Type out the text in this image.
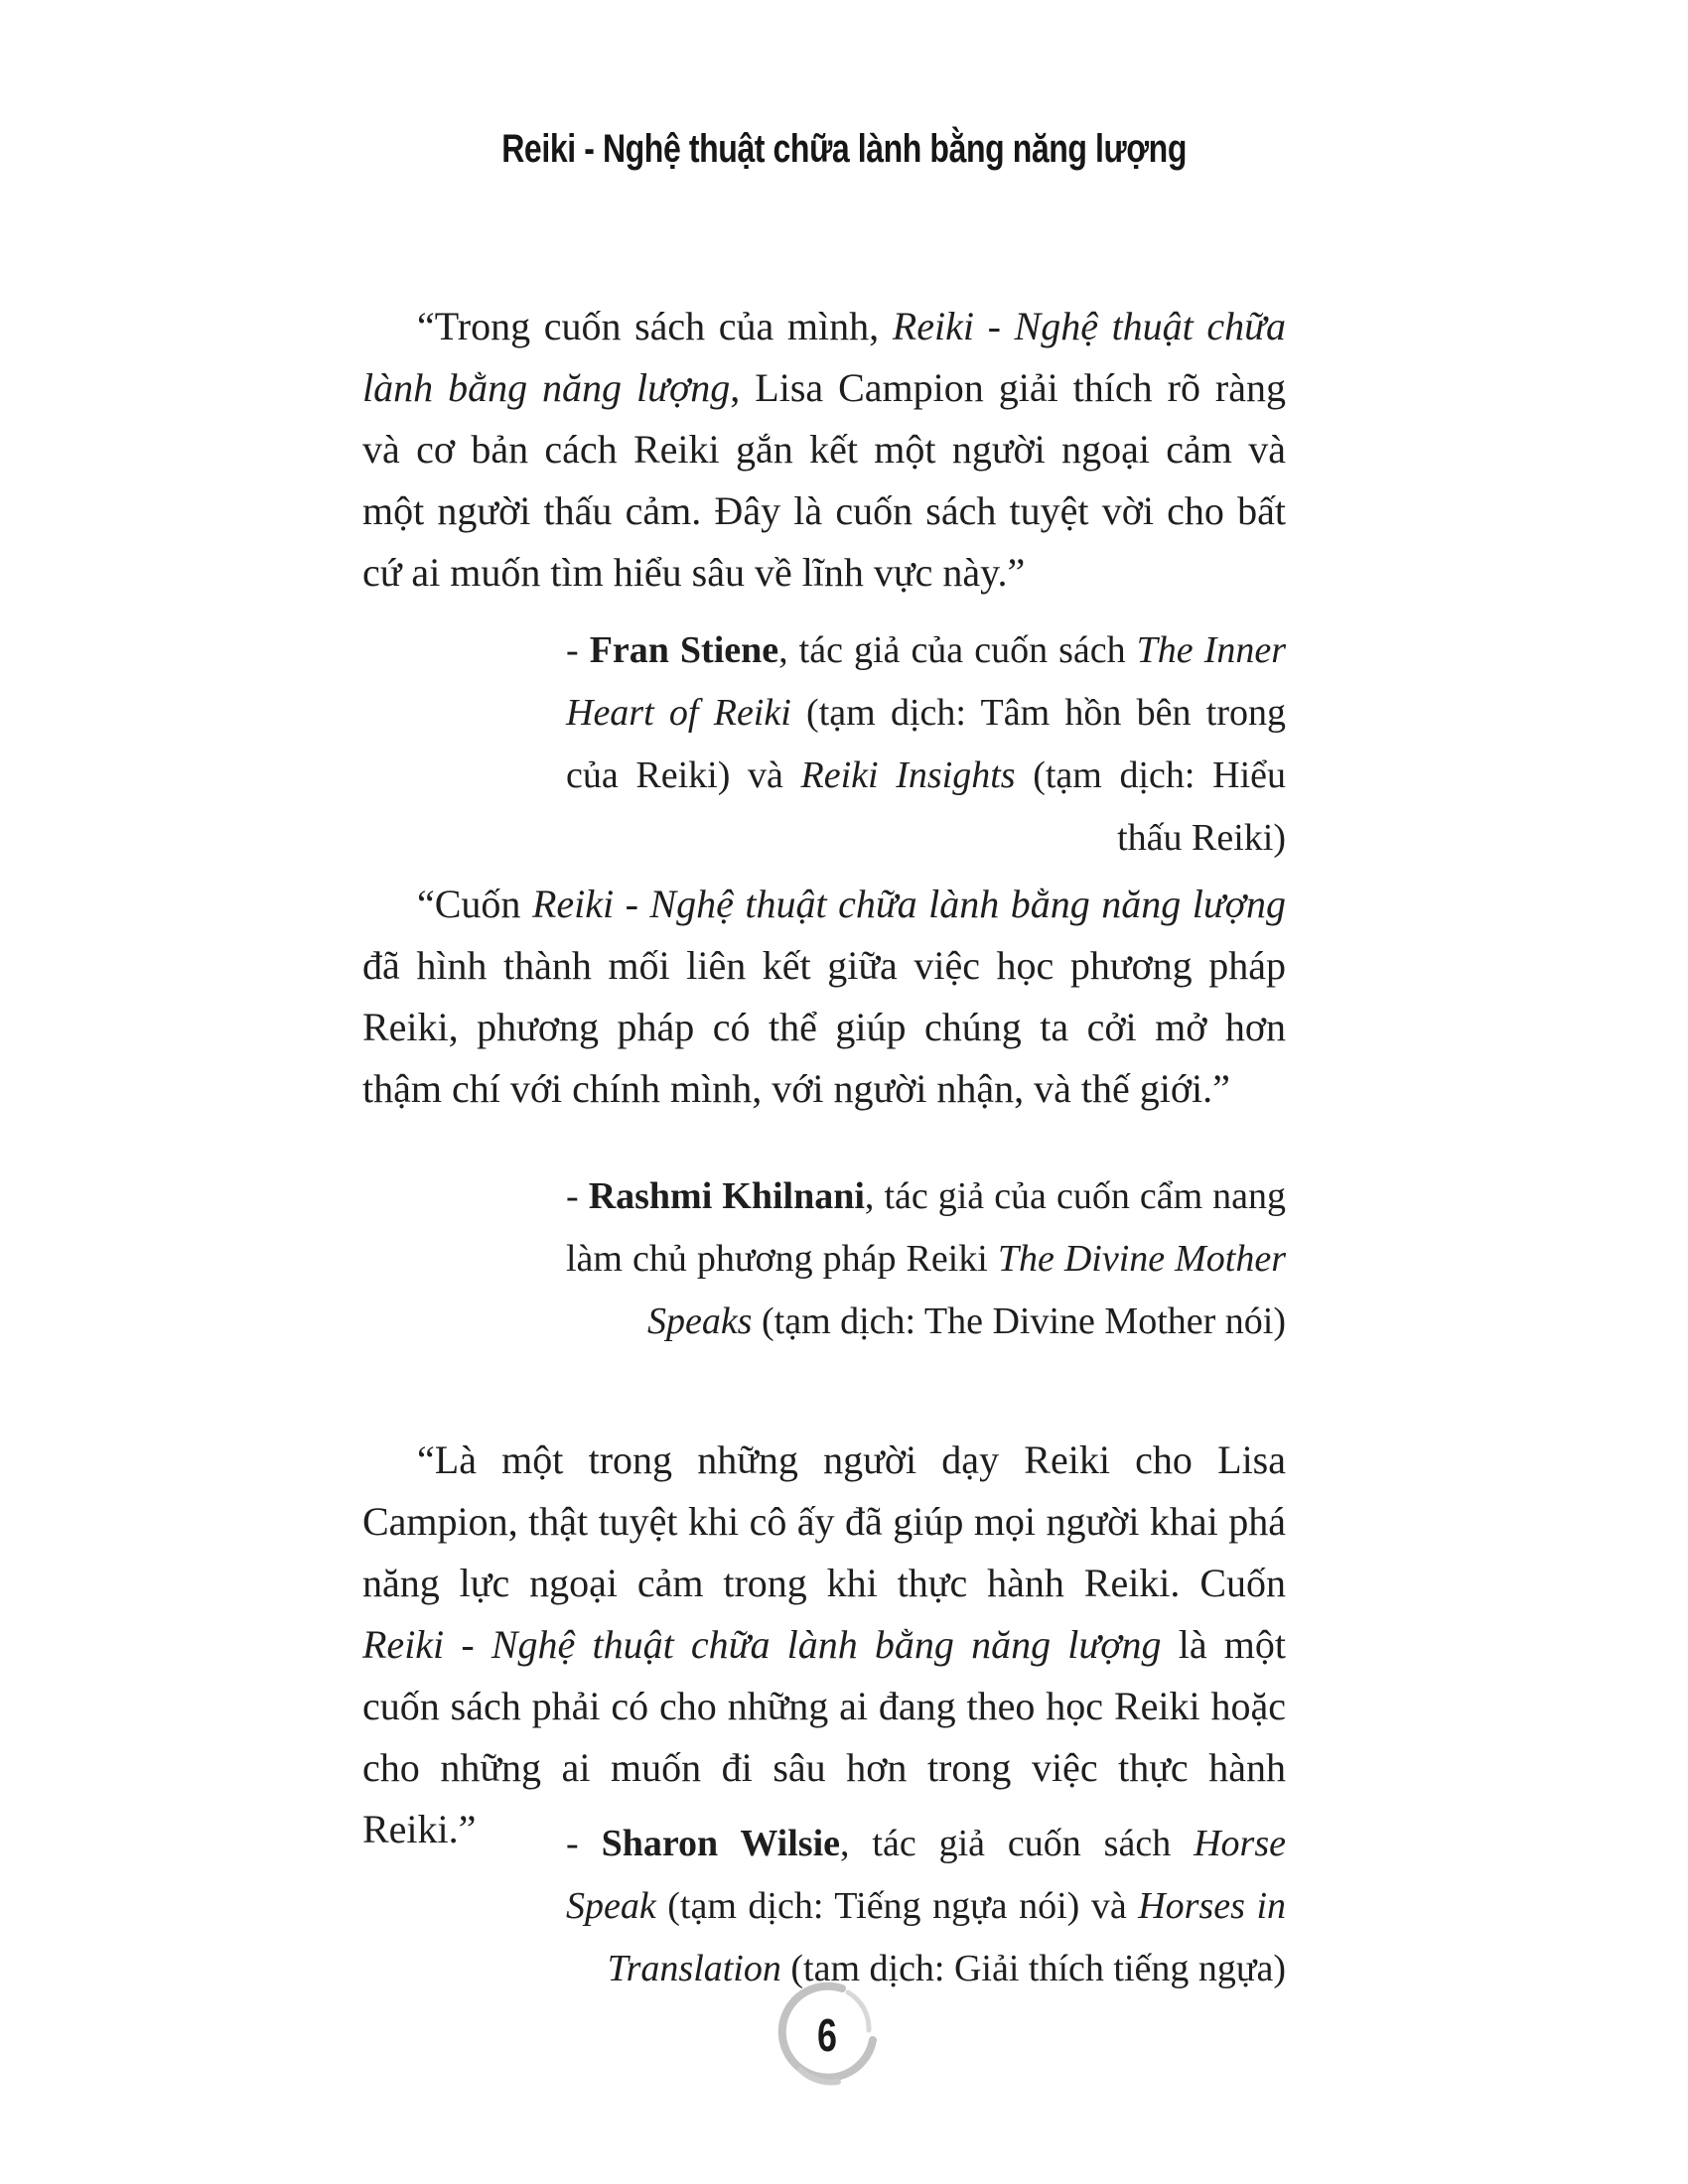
Reiki - Nghệ thuật chữa lành bằng năng lượng

“Trong cuốn sách của mình, Reiki - Nghệ thuật chữa lành bằng năng lượng, Lisa Campion giải thích rõ ràng và cơ bản cách Reiki gắn kết một người ngoại cảm và một người thấu cảm. Đây là cuốn sách tuyệt vời cho bất cứ ai muốn tìm hiểu sâu về lĩnh vực này.”

- Fran Stiene, tác giả của cuốn sách The Inner Heart of Reiki (tạm dịch: Tâm hồn bên trong của Reiki) và Reiki Insights (tạm dịch: Hiểu thấu Reiki)

“Cuốn Reiki - Nghệ thuật chữa lành bằng năng lượng đã hình thành mối liên kết giữa việc học phương pháp Reiki, phương pháp có thể giúp chúng ta cởi mở hơn thậm chí với chính mình, với người nhận, và thế giới.”

- Rashmi Khilnani, tác giả của cuốn cẩm nang làm chủ phương pháp Reiki The Divine Mother Speaks (tạm dịch: The Divine Mother nói)

“Là một trong những người dạy Reiki cho Lisa Campion, thật tuyệt khi cô ấy đã giúp mọi người khai phá năng lực ngoại cảm trong khi thực hành Reiki. Cuốn Reiki - Nghệ thuật chữa lành bằng năng lượng là một cuốn sách phải có cho những ai đang theo học Reiki hoặc cho những ai muốn đi sâu hơn trong việc thực hành Reiki.”	- Sharon Wilsie, tác giả cuốn sách Horse Speak (tạm dịch: Tiếng ngựa nói) và Horses in Translation (tạm dịch: Giải thích tiếng ngựa)

6
